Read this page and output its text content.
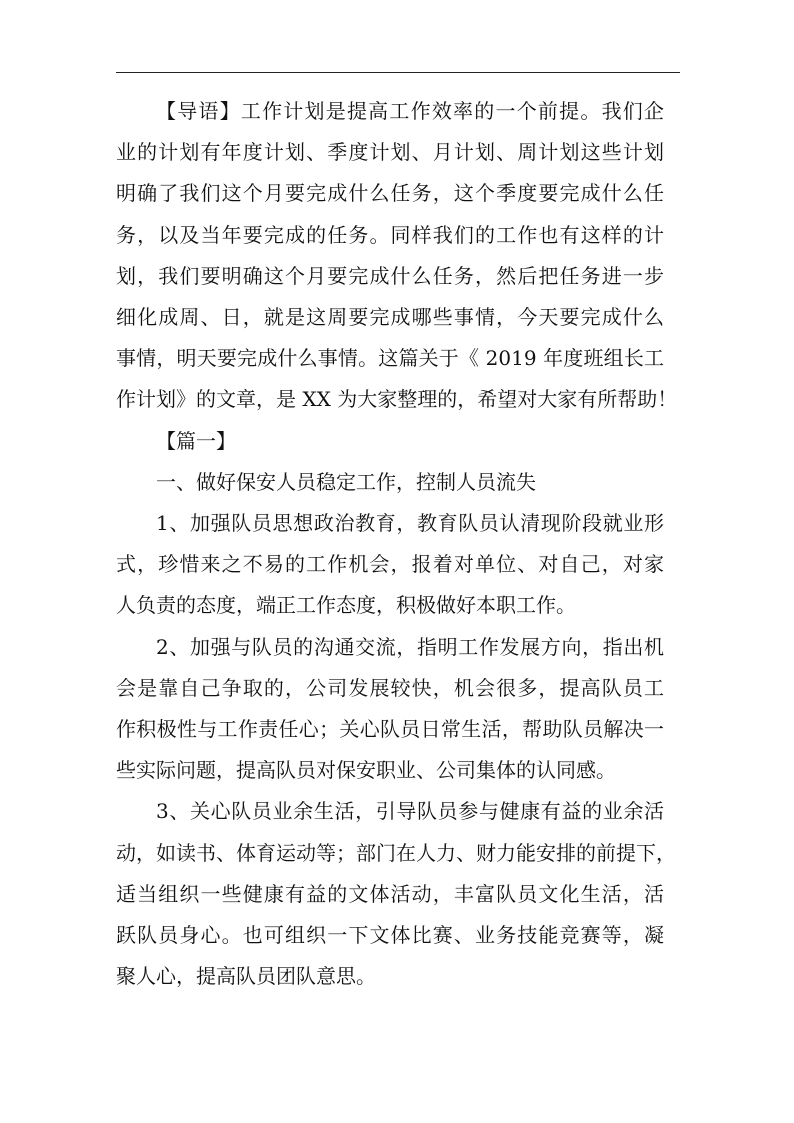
【导语】工作计划是提高工作效率的一个前提。我们企
业的计划有年度计划、季度计划、月计划、周计划这些计划
明确了我们这个月要完成什么任务，这个季度要完成什么任
务，以及当年要完成的任务。同样我们的工作也有这样的计
划，我们要明确这个月要完成什么任务，然后把任务进一步
细化成周、日，就是这周要完成哪些事情，今天要完成什么
事情，明天要完成什么事情。这篇关于《 2019 年度班组长工
作计划》的文章，是 XX 为大家整理的，希望对大家有所帮助！
【篇一】
一、做好保安人员稳定工作，控制人员流失
1、加强队员思想政治教育，教育队员认清现阶段就业形
式，珍惜来之不易的工作机会，报着对单位、对自己，对家
人负责的态度，端正工作态度，积极做好本职工作。
2、加强与队员的沟通交流，指明工作发展方向，指出机
会是靠自己争取的，公司发展较快，机会很多，提高队员工
作积极性与工作责任心；关心队员日常生活，帮助队员解决一
些实际问题，提高队员对保安职业、公司集体的认同感。
3、关心队员业余生活，引导队员参与健康有益的业余活
动，如读书、体育运动等；部门在人力、财力能安排的前提下，
适当组织一些健康有益的文体活动，丰富队员文化生活，活
跃队员身心。也可组织一下文体比赛、业务技能竞赛等，凝
聚人心，提高队员团队意思。
